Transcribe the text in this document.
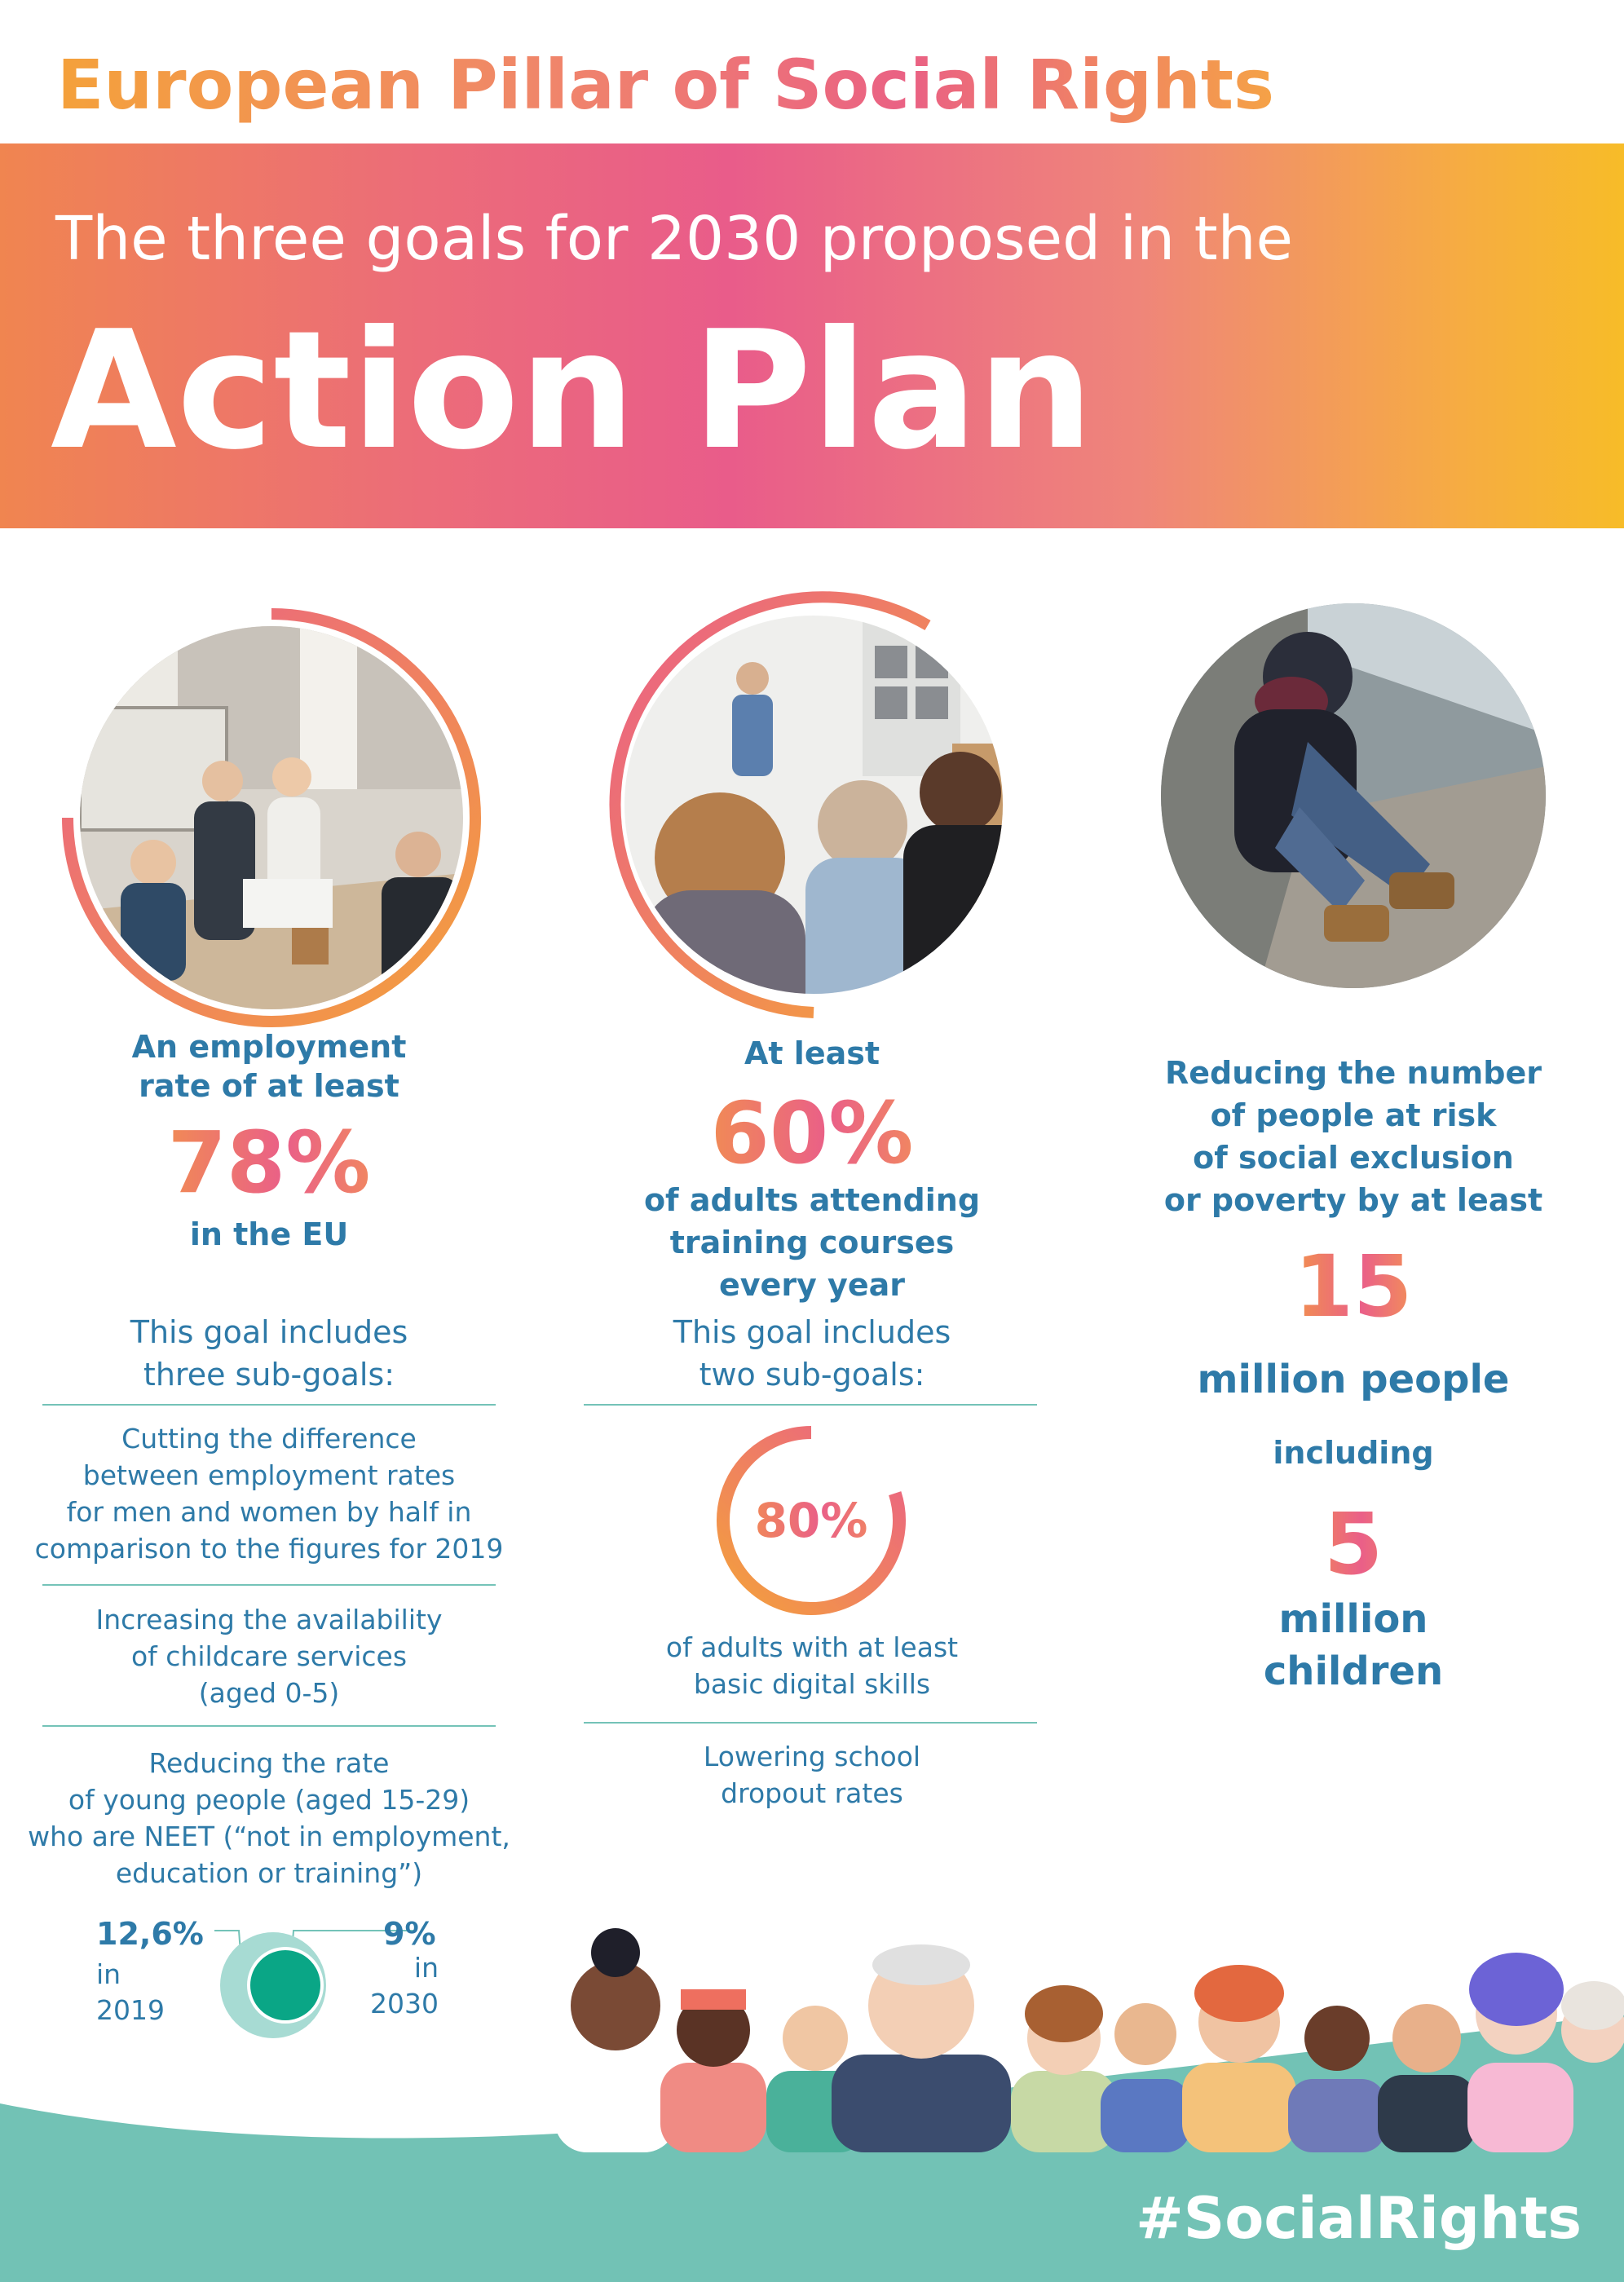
European Pillar of Social Rights
The three goals for 2030 proposed in the
Action Plan
An employment
rate of at least
78%
in the EU
This goal includes
three sub-goals:
Cutting the difference
between employment rates
for men and women by half in
comparison to the figures for 2019
Increasing the availability
of childcare services
(aged 0-5)
Reducing the rate
of young people (aged 15-29)
who are NEET (“not in employment,
education or training”)
12,6%
in
2019
9%
in
2030
At least
60%
of adults attending
training courses
every year
This goal includes
two sub-goals:
80%
of adults with at least
basic digital skills
Lowering school
dropout rates
Reducing the number
of people at risk
of social exclusion
or poverty by at least
15
million people
including
5
million
children
#SocialRights
